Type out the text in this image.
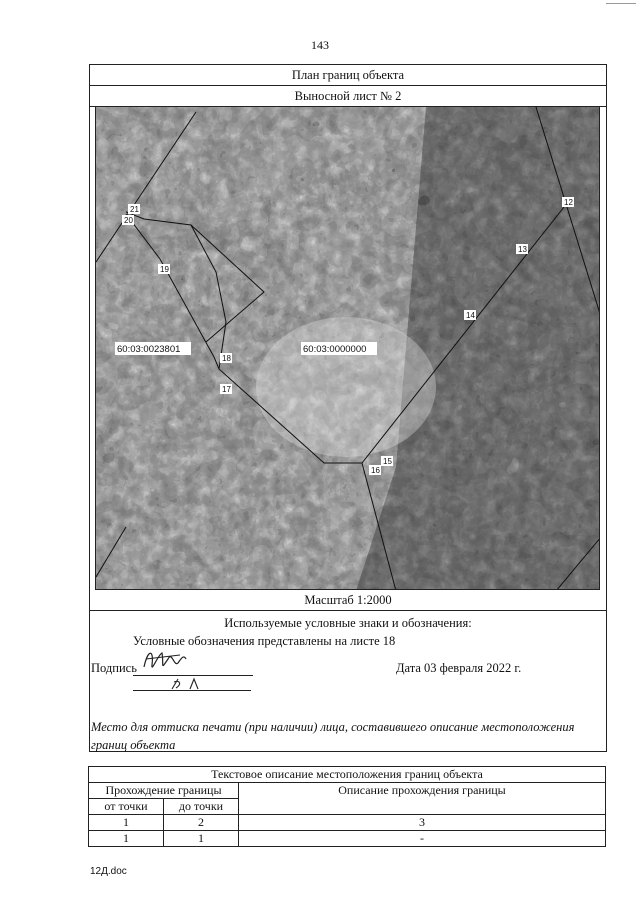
143
План границ объекта
Выносной лист № 2
12
13
14
15
16
17
18
19
20
21
60:03:0023801	60:03:0000000
Масштаб 1:2000
Используемые условные знаки и обозначения:
Условные обозначения представлены на листе 18
Подпись	Дата 03 февраля 2022 г.
Место для оттиска печати (при наличии) лица, составившего описание местоположения границ объекта
Текстовое описание местоположения границ объекта		
Прохождение границы		Описание прохождения границы
от точки	до точки	
1	2	3
1	1	-
12Д.doc
